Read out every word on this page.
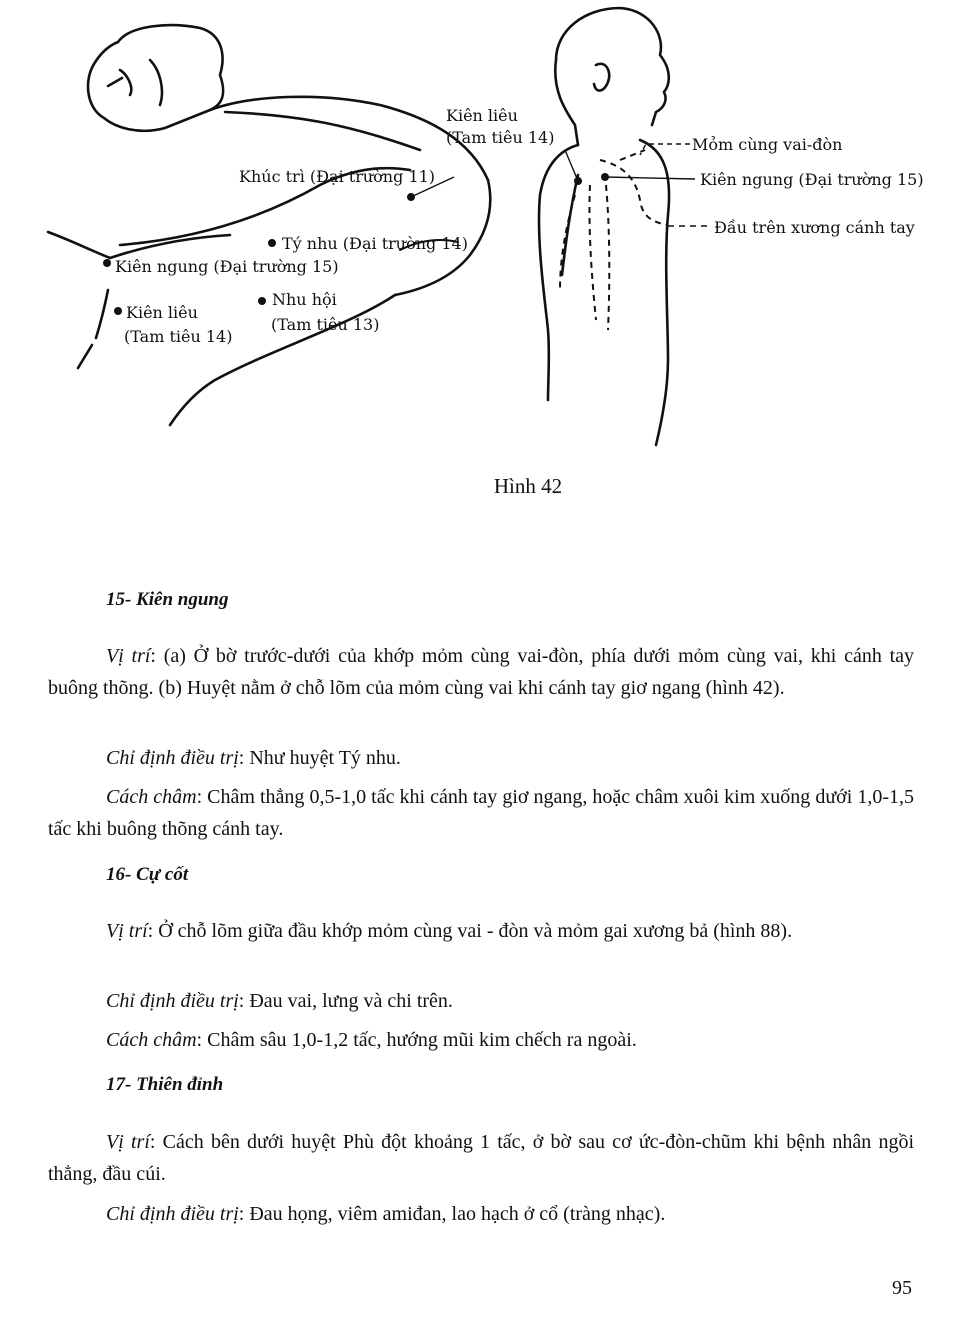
Kiên liêu
(Tam tiêu 14)	Mỏm cùng vai-đòn
Khúc trì (Đại trường 11)	Kiên ngung (Đại trường 15)
Đầu trên xương cánh tay
Tý nhu (Đại trường 14)
Kiên ngung (Đại trường 15)
Nhu hội
(Tam tiêu 13)
Kiên liêu
(Tam tiêu 14)
Hình 42
15- Kiên ngung
Vị trí: (a) Ở bờ trước-dưới của khớp mỏm cùng vai-đòn, phía dưới mỏm cùng vai, khi cánh tay buông thõng. (b) Huyệt nằm ở chỗ lõm của mỏm cùng vai khi cánh tay giơ ngang (hình 42).
Chỉ định điều trị: Như huyệt Tý nhu.
Cách châm: Châm thẳng 0,5-1,0 tấc khi cánh tay giơ ngang, hoặc châm xuôi kim xuống dưới 1,0-1,5 tấc khi buông thõng cánh tay.
16- Cự cốt
Vị trí: Ở chỗ lõm giữa đầu khớp mỏm cùng vai - đòn và mỏm gai xương bả (hình 88).
Chỉ định điều trị: Đau vai, lưng và chi trên.
Cách châm: Châm sâu 1,0-1,2 tấc, hướng mũi kim chếch ra ngoài.
17- Thiên đỉnh
Vị trí: Cách bên dưới huyệt Phù đột khoảng 1 tấc, ở bờ sau cơ ức-đòn-chũm khi bệnh nhân ngồi thẳng, đầu cúi.
Chỉ định điều trị: Đau họng, viêm amiđan, lao hạch ở cổ (tràng nhạc).
95
